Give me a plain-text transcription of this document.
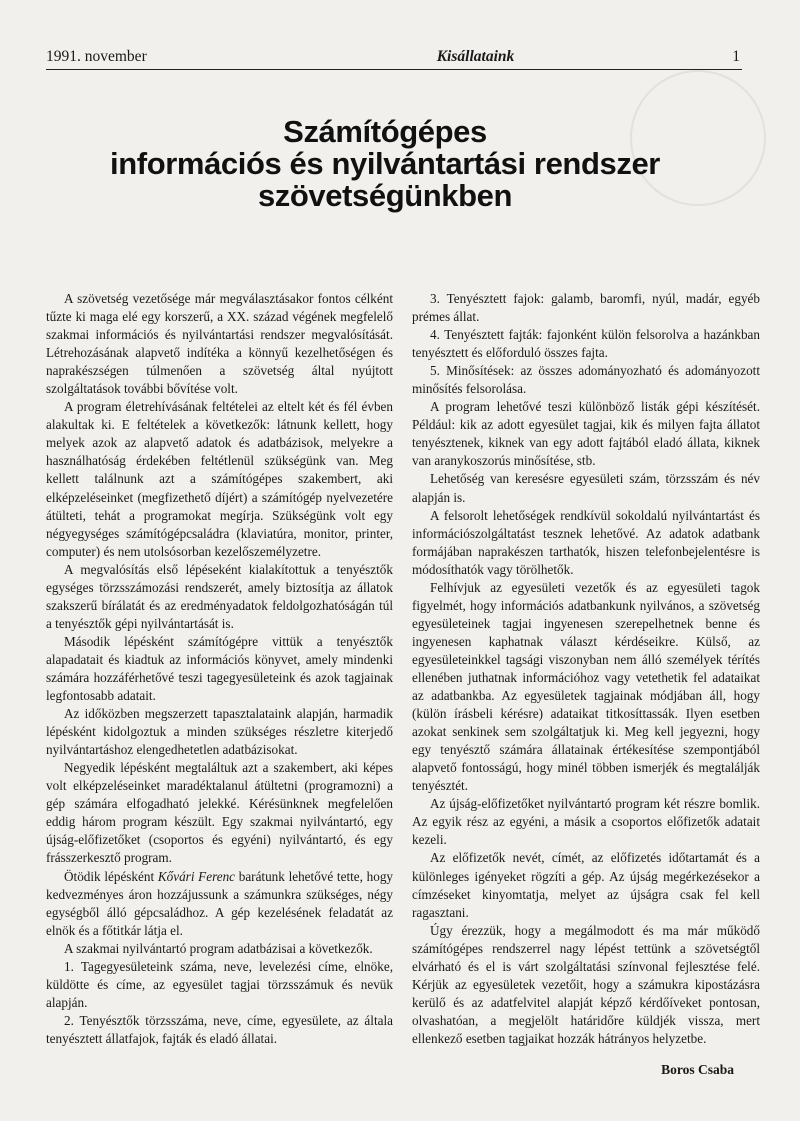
1991. november	Kisállataink	1
Számítógépes
információs és nyilvántartási rendszer
szövetségünkben

A szövetség vezetősége már megválasztásakor fontos célként tűzte ki maga elé egy korszerű, a XX. század végének megfelelő szakmai információs és nyilvántartási rendszer megvalósítását. Létrehozásának alapvető indítéka a könnyű kezelhetőségen és naprakészségen túlmenően a szövetség által nyújtott szolgáltatások további bővítése volt.

A program életrehívásának feltételei az eltelt két és fél évben alakultak ki. E feltételek a következők: látnunk kellett, hogy melyek azok az alapvető adatok és adatbázisok, melyekre a használhatóság érdekében feltétlenül szükségünk van. Meg kellett találnunk azt a számítógépes szakembert, aki elképzeléseinket (megfizethető díjért) a számítógép nyelvezetére átülteti, tehát a programokat megírja. Szükségünk volt egy négyegységes számítógépcsaládra (klaviatúra, monitor, printer, computer) és nem utolsósorban kezelőszemélyzetre.

A megvalósítás első lépéseként kialakítottuk a tenyésztők egységes törzsszámozási rendszerét, amely biztosítja az állatok szakszerű bírálatát és az eredményadatok feldolgozhatóságán túl a tenyésztők gépi nyilvántartását is.

Második lépésként számítógépre vittük a tenyésztők alapadatait és kiadtuk az információs könyvet, amely mindenki számára hozzáférhetővé teszi tagegyesületeink és azok tagjainak legfontosabb adatait.

Az időközben megszerzett tapasztalataink alapján, harmadik lépésként kidolgoztuk a minden szükséges részletre kiterjedő nyilvántartáshoz elengedhetetlen adatbázisokat.

Negyedik lépésként megtaláltuk azt a szakembert, aki képes volt elképzeléseinket maradéktalanul átültetni (programozni) a gép számára elfogadható jelekké. Kérésünknek megfelelően eddig három program készült. Egy szakmai nyilvántartó, egy újság-előfizetőket (csoportos és egyéni) nyilvántartó, és egy frásszerkesztő program.

Ötödik lépésként Kővári Ferenc barátunk lehetővé tette, hogy kedvezményes áron hozzájussunk a számunkra szükséges, négy egységből álló gépcsaládhoz. A gép kezelésének feladatát az elnök és a főtitkár látja el.

A szakmai nyilvántartó program adatbázisai a következők.

1. Tagegyesületeink száma, neve, levelezési címe, elnöke, küldötte és címe, az egyesület tagjai törzsszámuk és nevük alapján.

2. Tenyésztők törzsszáma, neve, címe, egyesülete, az általa tenyésztett állatfajok, fajták és eladó állatai.

3. Tenyésztett fajok: galamb, baromfi, nyúl, madár, egyéb prémes állat.

4. Tenyésztett fajták: fajonként külön felsorolva a hazánkban tenyésztett és előforduló összes fajta.

5. Minősítések: az összes adományozható és adományozott minősítés felsorolása.

A program lehetővé teszi különböző listák gépi készítését. Például: kik az adott egyesület tagjai, kik és milyen fajta állatot tenyésztenek, kiknek van egy adott fajtából eladó állata, kiknek van aranykoszorús minősítése, stb.

Lehetőség van keresésre egyesületi szám, törzsszám és név alapján is.

A felsorolt lehetőségek rendkívül sokoldalú nyilvántartást és információszolgáltatást tesznek lehetővé. Az adatok adatbank formájában naprakészen tarthatók, hiszen telefonbejelentésre is módosíthatók vagy törölhetők.

Felhívjuk az egyesületi vezetők és az egyesületi tagok figyelmét, hogy információs adatbankunk nyilvános, a szövetség egyesületeinek tagjai ingyenesen szerepelhetnek benne és ingyenesen kaphatnak választ kérdéseikre. Külső, az egyesületeinkkel tagsági viszonyban nem álló személyek térítés ellenében juthatnak információhoz vagy vetethetik fel adataikat az adatbankba. Az egyesületek tagjainak módjában áll, hogy (külön írásbeli kérésre) adataikat titkosíttassák. Ilyen esetben azokat senkinek sem szolgáltatjuk ki. Meg kell jegyezni, hogy egy tenyésztő számára állatainak értékesítése szempontjából alapvető fontosságú, hogy minél többen ismerjék és megtalálják tenyésztét.

Az újság-előfizetőket nyilvántartó program két részre bomlik. Az egyik rész az egyéni, a másik a csoportos előfizetők adatait kezeli.

Az előfizetők nevét, címét, az előfizetés időtartamát és a különleges igényeket rögzíti a gép. Az újság megérkezésekor a címzéseket kinyomtatja, melyet az újságra csak fel kell ragasztani.

Úgy érezzük, hogy a megálmodott és ma már működő számítógépes rendszerrel nagy lépést tettünk a szövetségtől elvárható és el is várt szolgáltatási színvonal fejlesztése felé. Kérjük az egyesületek vezetőit, hogy a számukra kipostázásra kerülő és az adatfelvitel alapját képző kérdőíveket pontosan, olvashatóan, a megjelölt határidőre küldjék vissza, mert ellenkező esetben tagjaikat hozzák hátrányos helyzetbe.

Boros Csaba
